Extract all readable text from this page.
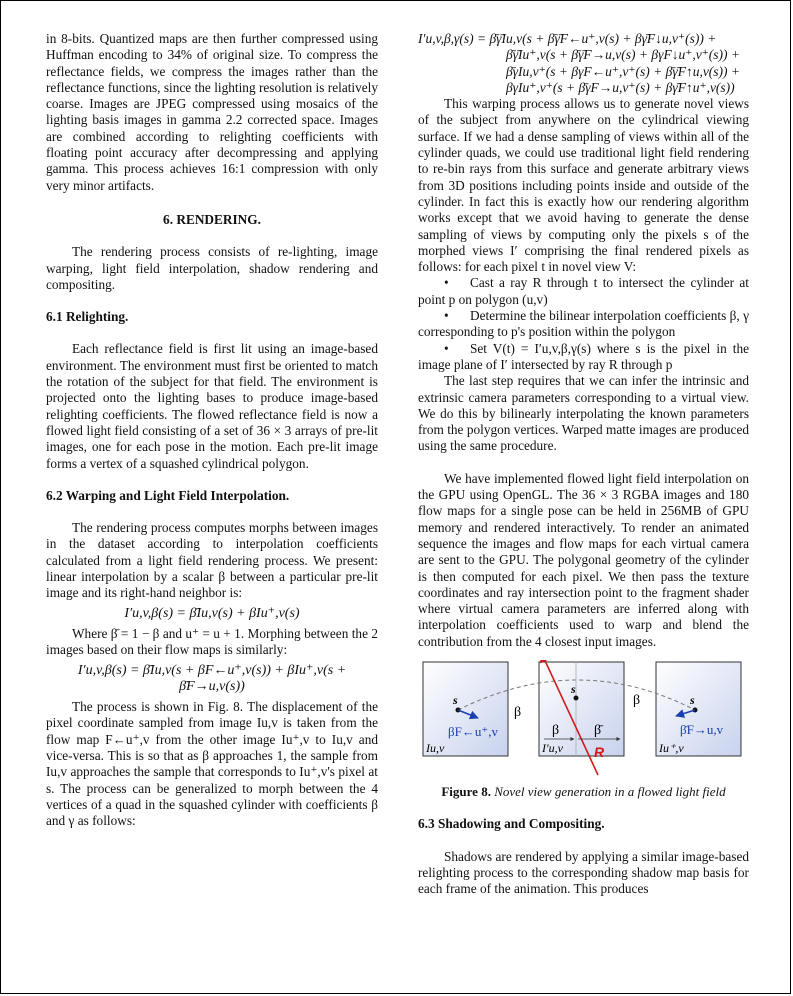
in 8-bits. Quantized maps are then further compressed using Huffman encoding to 34% of original size. To compress the reflectance fields, we compress the images rather than the reflectance functions, since the lighting resolution is relatively coarse. Images are JPEG compressed using mosaics of the lighting basis images in gamma 2.2 corrected space. Images are combined according to relighting coefficients with floating point accuracy after decompressing and applying gamma. This process achieves 16:1 compression with only very minor artifacts.

6. RENDERING.

The rendering process consists of re-lighting, image warping, light field interpolation, shadow rendering and compositing.

6.1 Relighting.

Each reflectance field is first lit using an image-based environment. The environment must first be oriented to match the rotation of the subject for that field. The environment is projected onto the lighting bases to produce image-based relighting coefficients. The flowed reflectance field is now a flowed light field consisting of a set of 36 × 3 arrays of pre-lit images, one for each pose in the motion. Each pre-lit image forms a vertex of a squashed cylindrical polygon.

6.2 Warping and Light Field Interpolation.

The rendering process computes morphs between images in the dataset according to interpolation coefficients calculated from a light field rendering process. We present: linear interpolation by a scalar β between a particular pre-lit image and its right-hand neighbor is:

I′u,v,β(s) = β̄Iu,v(s) + βIu⁺,v(s)

Where β̄ = 1 − β and u⁺ = u + 1. Morphing between the 2 images based on their flow maps is similarly:

I′u,v,β(s) = β̄Iu,v(s + βF←u⁺,v(s)) + βIu⁺,v(s + β̄F→u,v(s))

The process is shown in Fig. 8. The displacement of the pixel coordinate sampled from image Iu,v is taken from the flow map F←u⁺,v from the other image Iu⁺,v to Iu,v and vice-versa. This is so that as β approaches 1, the sample from Iu,v approaches the sample that corresponds to Iu⁺,v's pixel at s. The process can be generalized to morph between the 4 vertices of a quad in the squashed cylinder with coefficients β and γ as follows:

I′u,v,β,γ(s) = β̄γ̄Iu,v(s + β̄γ̄F←u⁺,v(s) + βγ̄F↓u,v⁺(s)) +
β̄γ̄Iu⁺,v(s + β̄γ̄F→u,v(s) + βγF↓u⁺,v⁺(s)) +
β̄γIu,v⁺(s + βγF←u⁺,v⁺(s) + β̄γ̄F↑u,v(s)) +
βγIu⁺,v⁺(s + β̄γF→u,v⁺(s) + βγ̄F↑u⁺,v(s))

This warping process allows us to generate novel views of the subject from anywhere on the cylindrical viewing surface. If we had a dense sampling of views within all of the cylinder quads, we could use traditional light field rendering to re-bin rays from this surface and generate arbitrary views from 3D positions including points inside and outside of the cylinder. In fact this is exactly how our rendering algorithm works except that we avoid having to generate the dense sampling of views by computing only the pixels s of the morphed views I′ comprising the final rendered pixels as follows: for each pixel t in novel view V:

• Cast a ray R through t to intersect the cylinder at point p on polygon (u,v)

• Determine the bilinear interpolation coefficients β, γ corresponding to p's position within the polygon

• Set V(t) = I′u,v,β,γ(s) where s is the pixel in the image plane of I′ intersected by ray R through p

The last step requires that we can infer the intrinsic and extrinsic camera parameters corresponding to a virtual view. We do this by bilinearly interpolating the known parameters from the polygon vertices. Warped matte images are produced using the same procedure.

We have implemented flowed light field interpolation on the GPU using OpenGL. The 36 × 3 RGBA images and 180 flow maps for a single pose can be held in 256MB of GPU memory and rendered interactively. To render an animated sequence the images and flow maps for each virtual camera are sent to the GPU. The polygonal geometry of the cylinder is then computed for each pixel. We then pass the texture coordinates and ray intersection point to the fragment shader where virtual camera parameters are inferred along with interpolation coefficients used to warp and blend the contribution from the 4 closest input images.

s	s
s
β
β
β β̄
R
βF←u⁺,v	β̄F→u,v
Iu,v	I′u,v	Iu⁺,v
Figure 8. Novel view generation in a flowed light field
6.3 Shadowing and Compositing.

Shadows are rendered by applying a similar image-based relighting process to the corresponding shadow map basis for each frame of the animation. This produces
